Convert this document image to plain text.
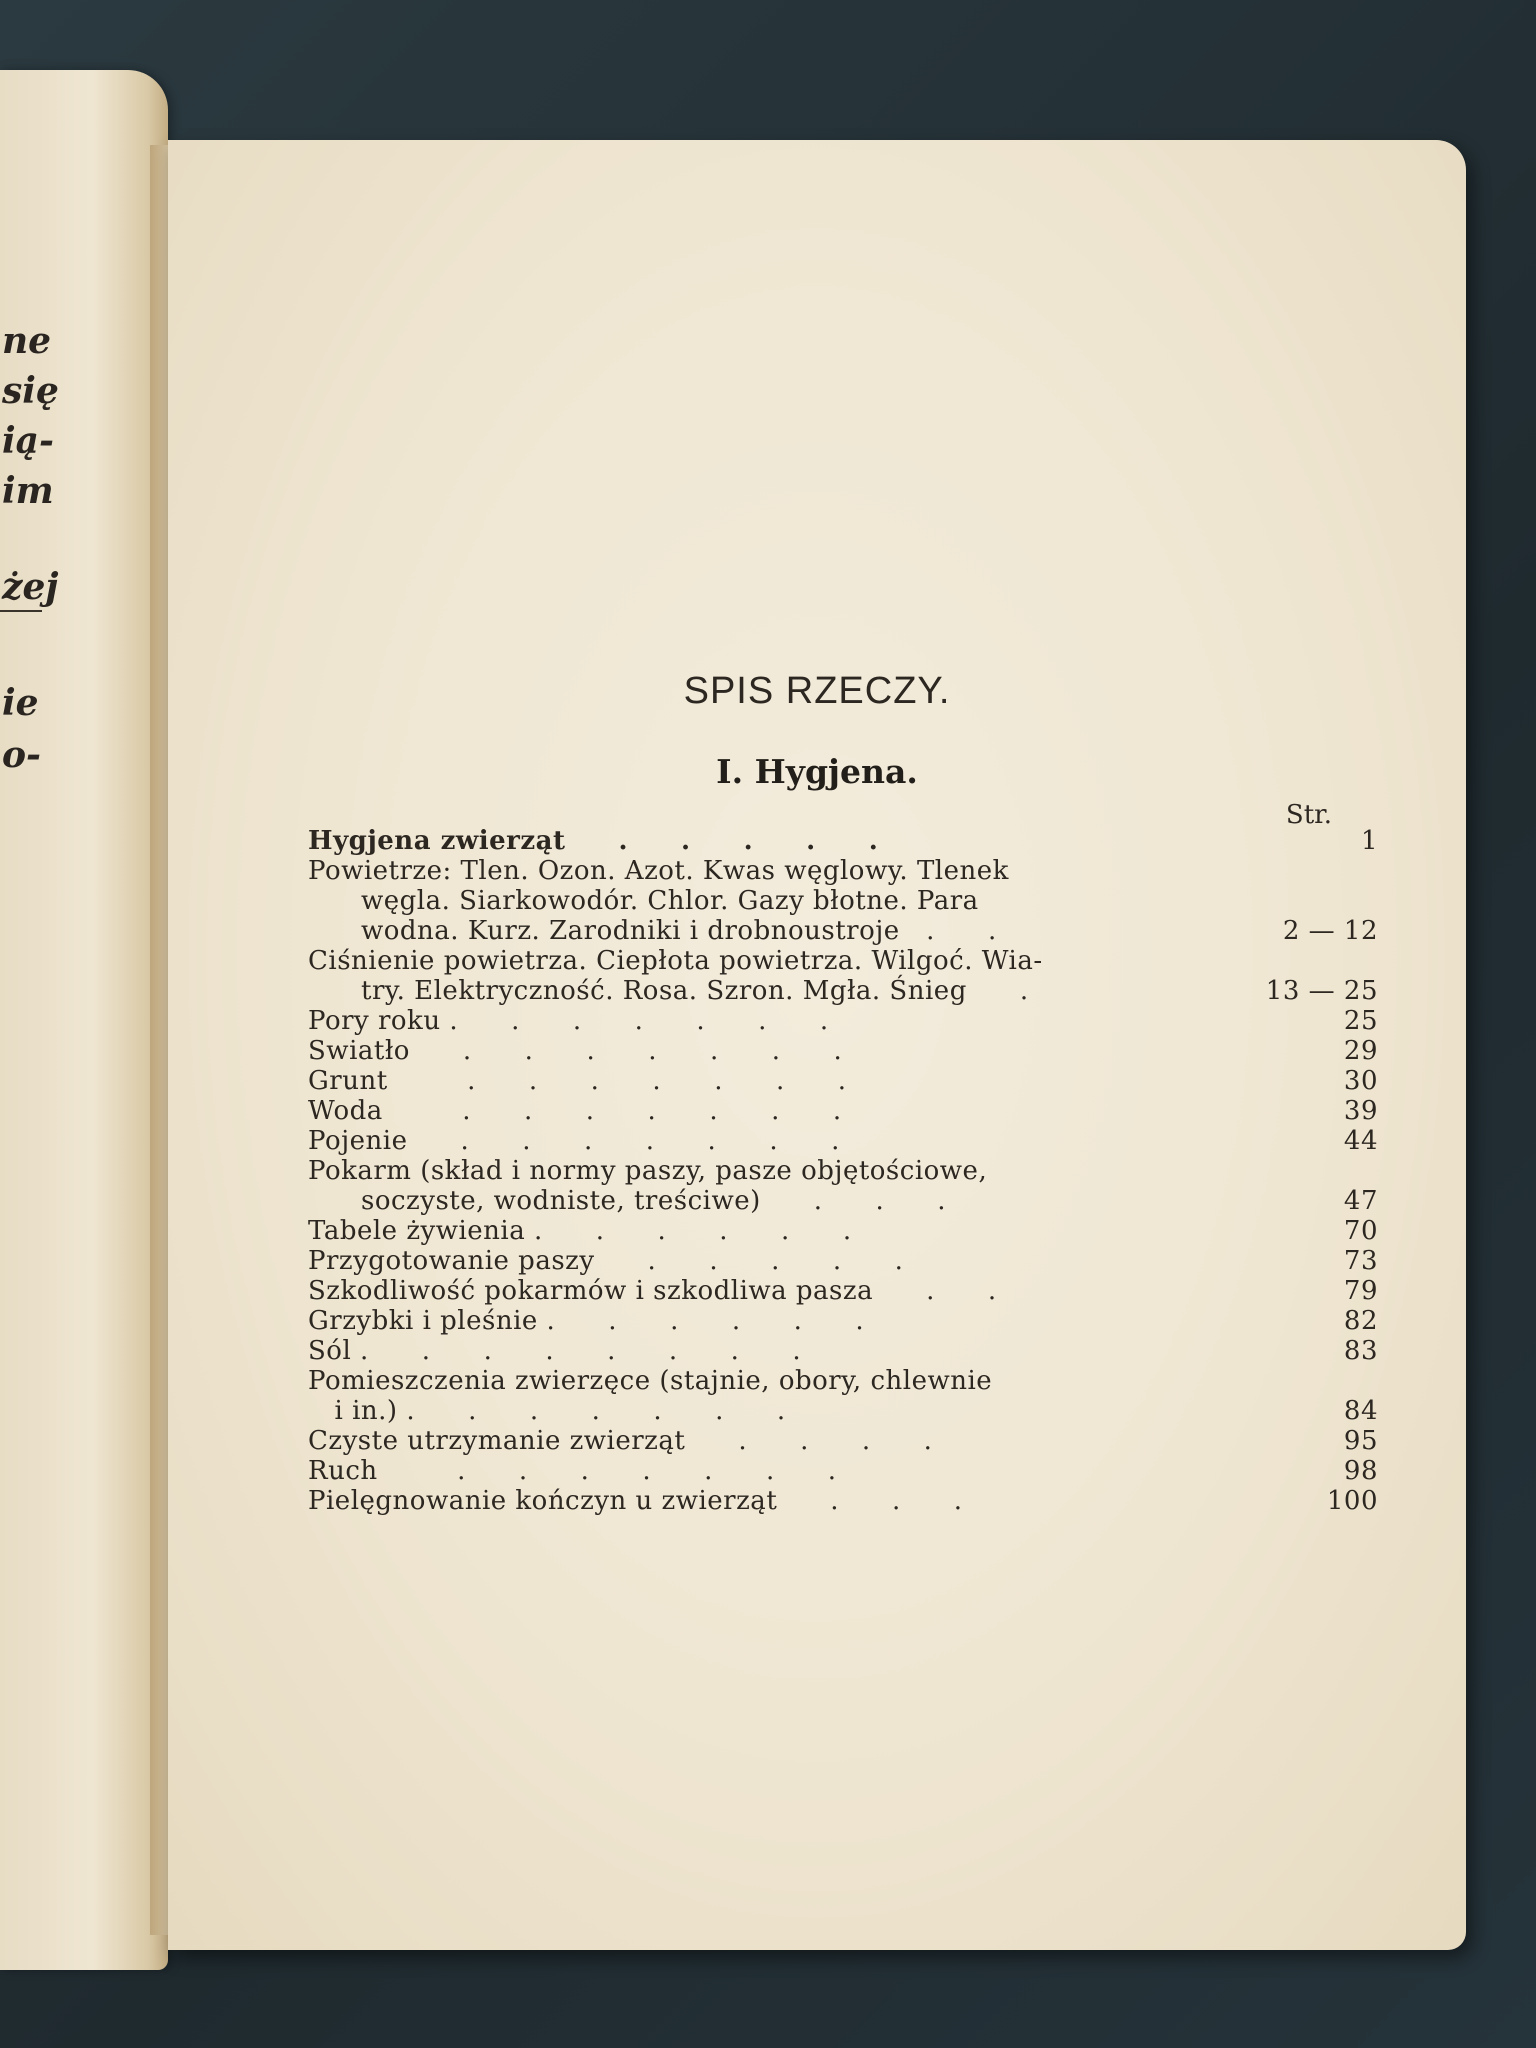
ne
się
ią-
im
żej
ie
o-
SPIS RZECZY.
I. Hygjena.
Str.
Hygjena zwierząt  .  .  .  .  .	1
Powietrze: Tlen. Ozon. Azot. Kwas węglowy. Tlenek
  węgla. Siarkowodór. Chlor. Gazy błotne. Para
  wodna. Kurz. Zarodniki i drobnoustroje .  .	2 — 12
Ciśnienie powietrza. Ciepłota powietrza. Wilgoć. Wia-
  try. Elektryczność. Rosa. Szron. Mgła. Śnieg  .	13 — 25
Pory roku .  .  .  .  .  .  .	25
Swiatło  .  .  .  .  .  .  .	29
Grunt   .  .  .  .  .  .  .	30
Woda   .  .  .  .  .  .  .	39
Pojenie  .  .  .  .  .  .  .	44
Pokarm (skład i normy paszy, pasze objętościowe,
  soczyste, wodniste, treściwe)  .  .  .	47
Tabele żywienia .  .  .  .  .  .	70
Przygotowanie paszy  .  .  .  .  .	73
Szkodliwość pokarmów i szkodliwa pasza  .  .	79
Grzybki i pleśnie .  .  .  .  .  .	82
Sól .  .  .  .  .  .  .  .	83
Pomieszczenia zwierzęce (stajnie, obory, chlewnie
 i in.) .  .  .  .  .  .  .	84
Czyste utrzymanie zwierząt  .  .  .  .	95
Ruch   .  .  .  .  .  .  .	98
Pielęgnowanie kończyn u zwierząt  .  .  .	100
